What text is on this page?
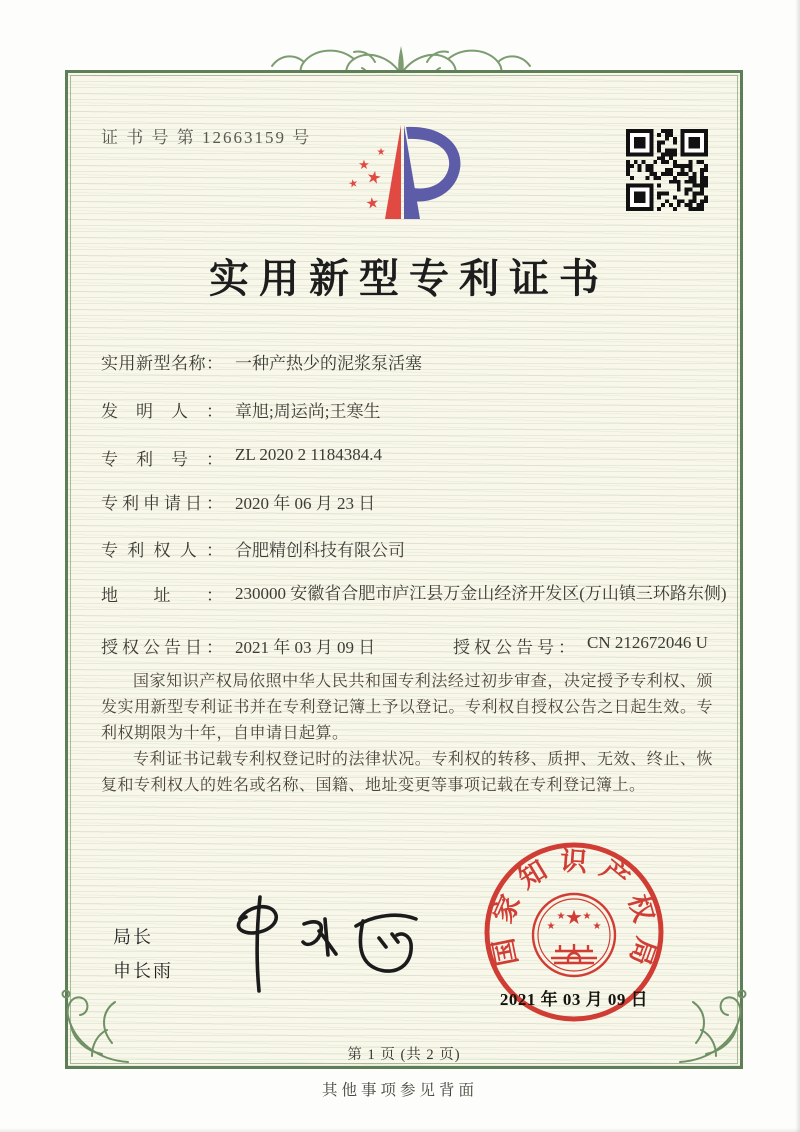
证 书 号 第 12663159 号
★
★
★ ★
★
实用新型专利证书
实用新型名称： 一种产热少的泥浆泵活塞
发明人： 章旭;周运尚;王寒生
专利号： ZL 2020 2 1184384.4
专利申请日： 2020 年 06 月 23 日
专利权人： 合肥精创科技有限公司
地址： 230000 安徽省合肥市庐江县万金山经济开发区(万山镇三环路东侧)
授权公告日： 2021 年 03 月 09 日	授权公告号： CN 212672046 U

国家知识产权局依照中华人民共和国专利法经过初步审查，决定授予专利权、颁发实用新型专利证书并在专利登记簿上予以登记。专利权自授权公告之日起生效。专利权期限为十年，自申请日起算。

专利证书记载专利权登记时的法律状况。专利权的转移、质押、无效、终止、恢复和专利权人的姓名或名称、国籍、地址变更等事项记载在专利登记簿上。

局长
申长雨
国家知识产权局
★
★
★ ★
★
2021 年 03 月 09 日
第 1 页 (共 2 页)
其他事项参见背面
